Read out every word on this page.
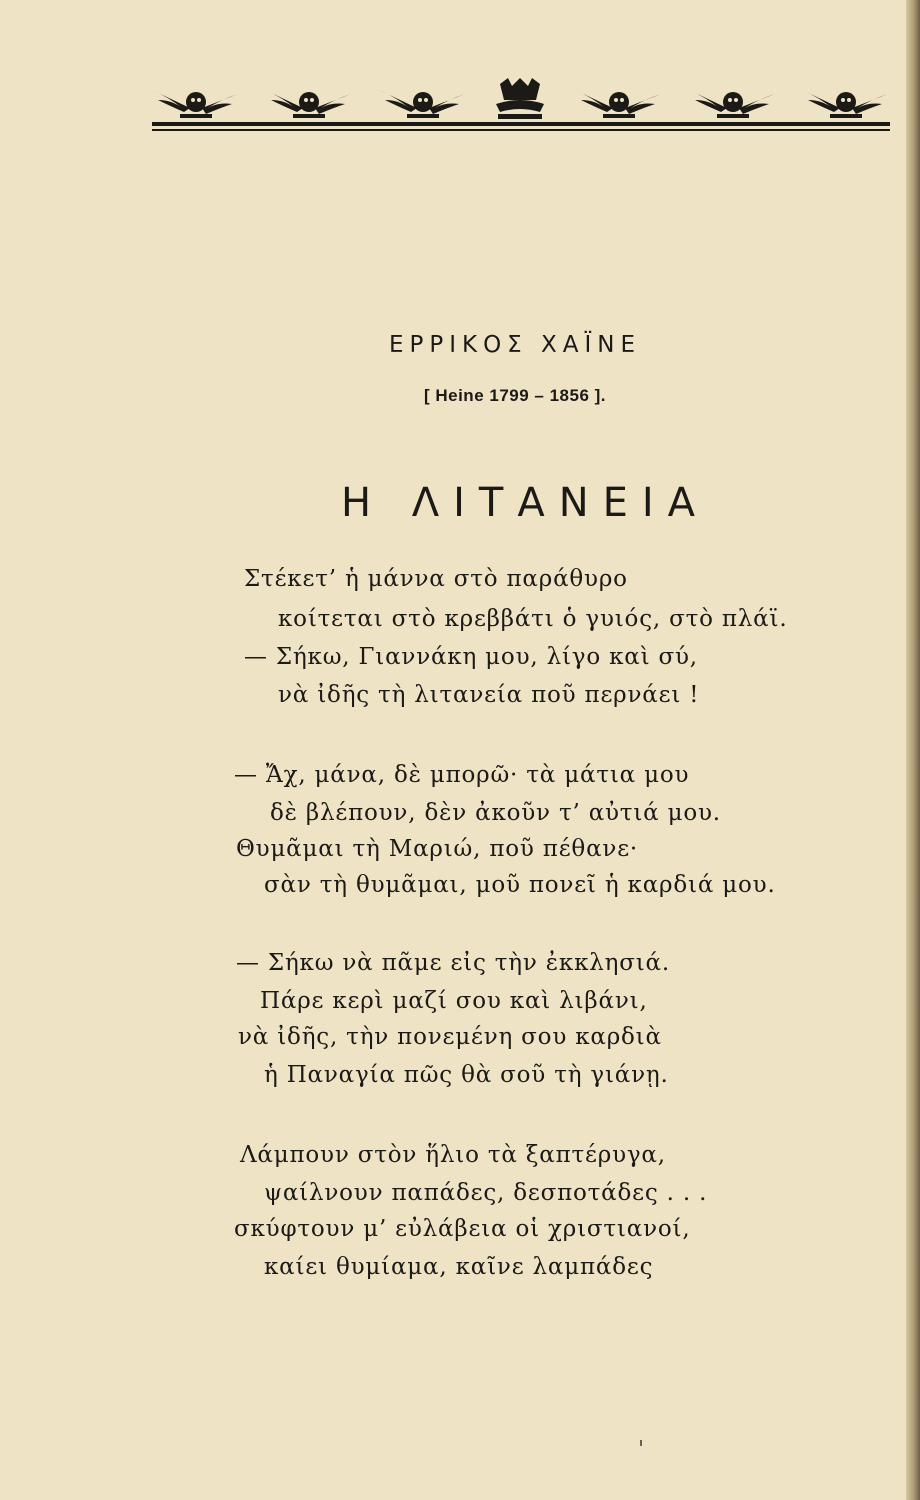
ΕΡΡΙΚΟΣ ΧΑΪΝΕ
[ Heine 1799 – 1856 ].
Η ΛΙΤΑΝΕΙΑ
Στέκετ’ ἡ μάννα στὸ παράθυρο
κοίτεται στὸ κρεββάτι ὁ γυιός, στὸ πλάϊ.
— Σήκω, Γιαννάκη μου, λίγο καὶ σύ,
νὰ ἰδῆς τὴ λιτανεία ποῦ περνάει !
— Ἄχ, μάνα, δὲ μπορῶ· τὰ μάτια μου
δὲ βλέπουν, δὲν ἀκοῦν τ’ αὐτιά μου.
Θυμᾶμαι τὴ Μαριώ, ποῦ πέθανε·
σὰν τὴ θυμᾶμαι, μοῦ πονεῖ ἡ καρδιά μου.
— Σήκω νὰ πᾶμε εἰς τὴν ἐκκλησιά.
Πάρε κερὶ μαζί σου καὶ λιβάνι,
νὰ ἰδῆς, τὴν πονεμένη σου καρδιὰ
ἡ Παναγία πῶς θὰ σοῦ τὴ γιάνῃ.
Λάμπουν στὸν ἥλιο τὰ ξαπτέρυγα,
ψαίλνουν παπάδες, δεσποτάδες . . .
σκύφτουν μ’ εὐλάβεια οἱ χριστιανοί,
καίει θυμίαμα, καῖνε λαμπάδες
